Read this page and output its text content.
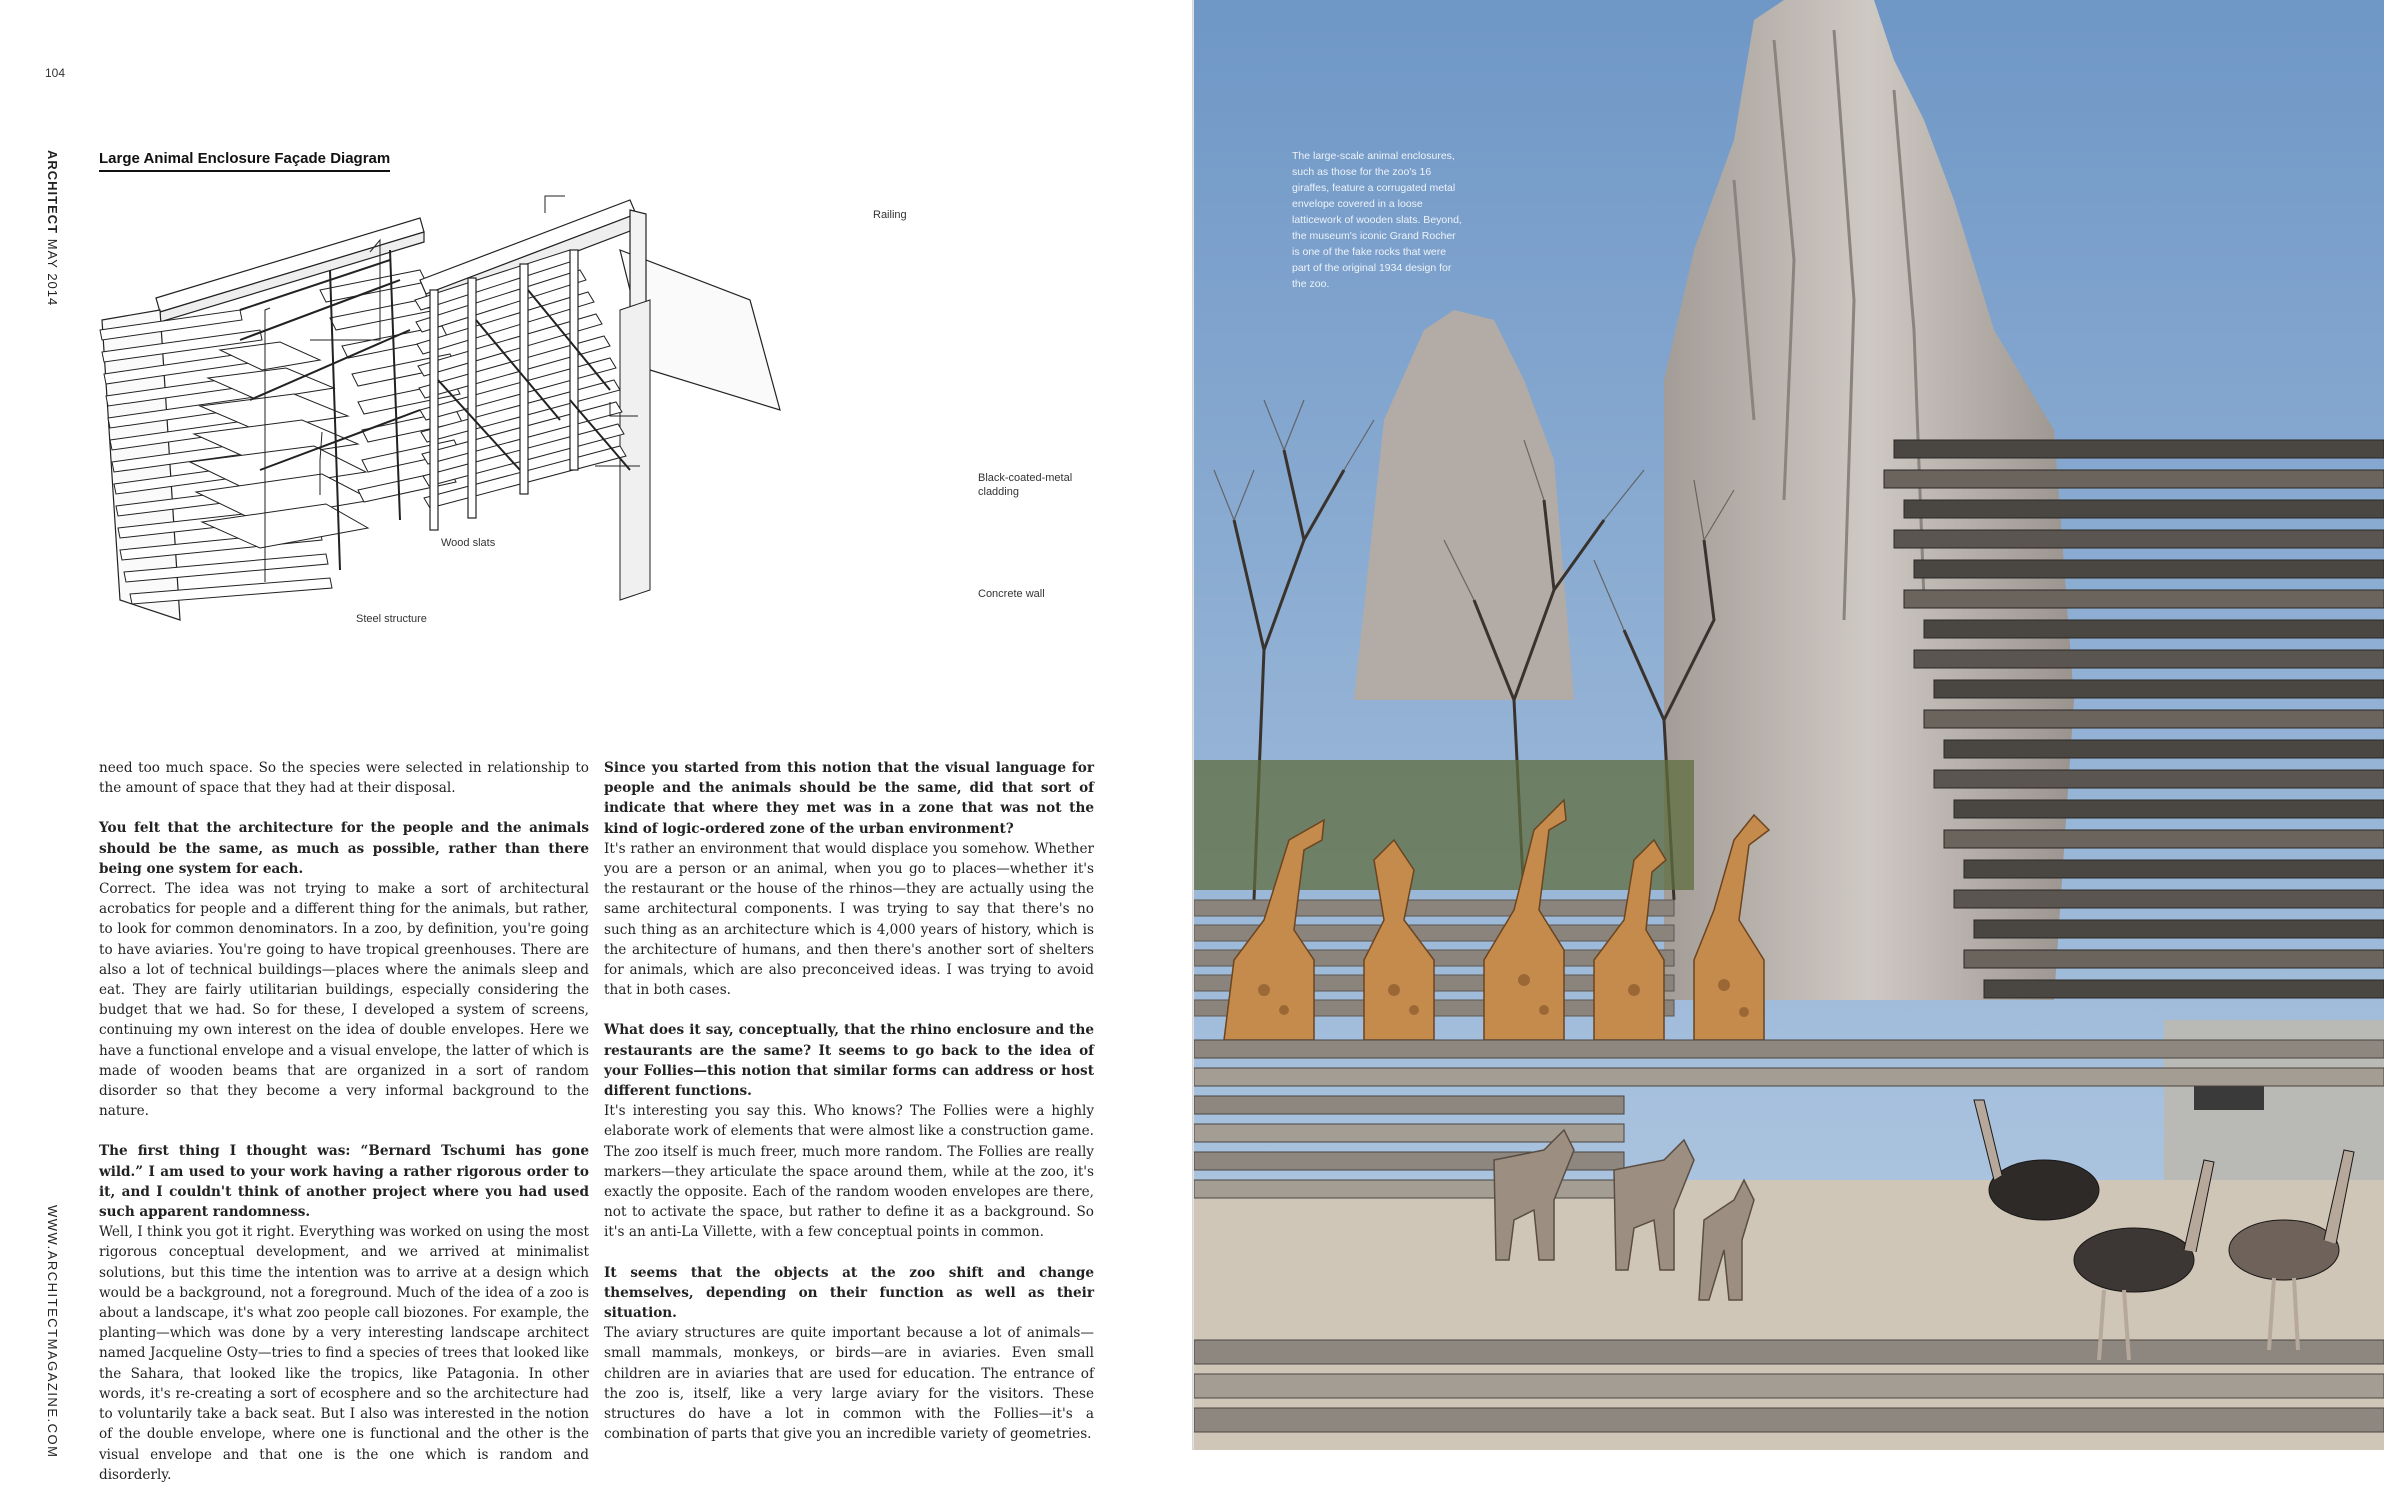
104
ARCHITECT MAY 2014
WWW.ARCHITECTMAGAZINE.COM
Large Animal Enclosure Façade Diagram
Railing
Black-coated-metal cladding
Concrete wall
Wood slats
Steel structure

need too much space. So the species were selected in relationship to the amount of space that they had at their disposal.

You felt that the architecture for the people and the animals should be the same, as much as possible, rather than there being one system for each.
Correct. The idea was not trying to make a sort of architectural acrobatics for people and a different thing for the animals, but rather, to look for common denominators. In a zoo, by definition, you're going to have aviaries. You're going to have tropical greenhouses. There are also a lot of technical buildings—places where the animals sleep and eat. They are fairly utilitarian buildings, especially considering the budget that we had. So for these, I developed a system of screens, continuing my own interest on the idea of double envelopes. Here we have a functional envelope and a visual envelope, the latter of which is made of wooden beams that are organized in a sort of random disorder so that they become a very informal background to the nature.

The first thing I thought was: “Bernard Tschumi has gone wild.” I am used to your work having a rather rigorous order to it, and I couldn't think of another project where you had used such apparent randomness.
Well, I think you got it right. Everything was worked on using the most rigorous conceptual development, and we arrived at minimalist solutions, but this time the intention was to arrive at a design which would be a background, not a foreground. Much of the idea of a zoo is about a landscape, it's what zoo people call biozones. For example, the planting—which was done by a very interesting landscape architect named Jacqueline Osty—tries to find a species of trees that looked like the Sahara, that looked like the tropics, like Patagonia. In other words, it's re-creating a sort of ecosphere and so the architecture had to voluntarily take a back seat. But I also was interested in the notion of the double envelope, where one is functional and the other is the visual envelope and that one is the one which is random and disorderly.

Since you started from this notion that the visual language for people and the animals should be the same, did that sort of indicate that where they met was in a zone that was not the kind of logic-ordered zone of the urban environment?
It's rather an environment that would displace you somehow. Whether you are a person or an animal, when you go to places—whether it's the restaurant or the house of the rhinos—they are actually using the same architectural components. I was trying to say that there's no such thing as an architecture which is 4,000 years of history, which is the architecture of humans, and then there's another sort of shelters for animals, which are also preconceived ideas. I was trying to avoid that in both cases.

What does it say, conceptually, that the rhino enclosure and the restaurants are the same? It seems to go back to the idea of your Follies—this notion that similar forms can address or host different functions.
It's interesting you say this. Who knows? The Follies were a highly elaborate work of elements that were almost like a construction game. The zoo itself is much freer, much more random. The Follies are really markers—they articulate the space around them, while at the zoo, it's exactly the opposite. Each of the random wooden envelopes are there, not to activate the space, but rather to define it as a background. So it's an anti-La Villette, with a few conceptual points in common.

It seems that the objects at the zoo shift and change themselves, depending on their function as well as their situation.
The aviary structures are quite important because a lot of animals—small mammals, monkeys, or birds—are in aviaries. Even small children are in aviaries that are used for education. The entrance of the zoo is, itself, like a very large aviary for the visitors. These structures do have a lot in common with the Follies—it's a combination of parts that give you an incredible variety of geometries.

The large-scale animal enclosures, such as those for the zoo's 16 giraffes, feature a corrugated metal envelope covered in a loose latticework of wooden slats. Beyond, the museum's iconic Grand Rocher is one of the fake rocks that were part of the original 1934 design for the zoo.
